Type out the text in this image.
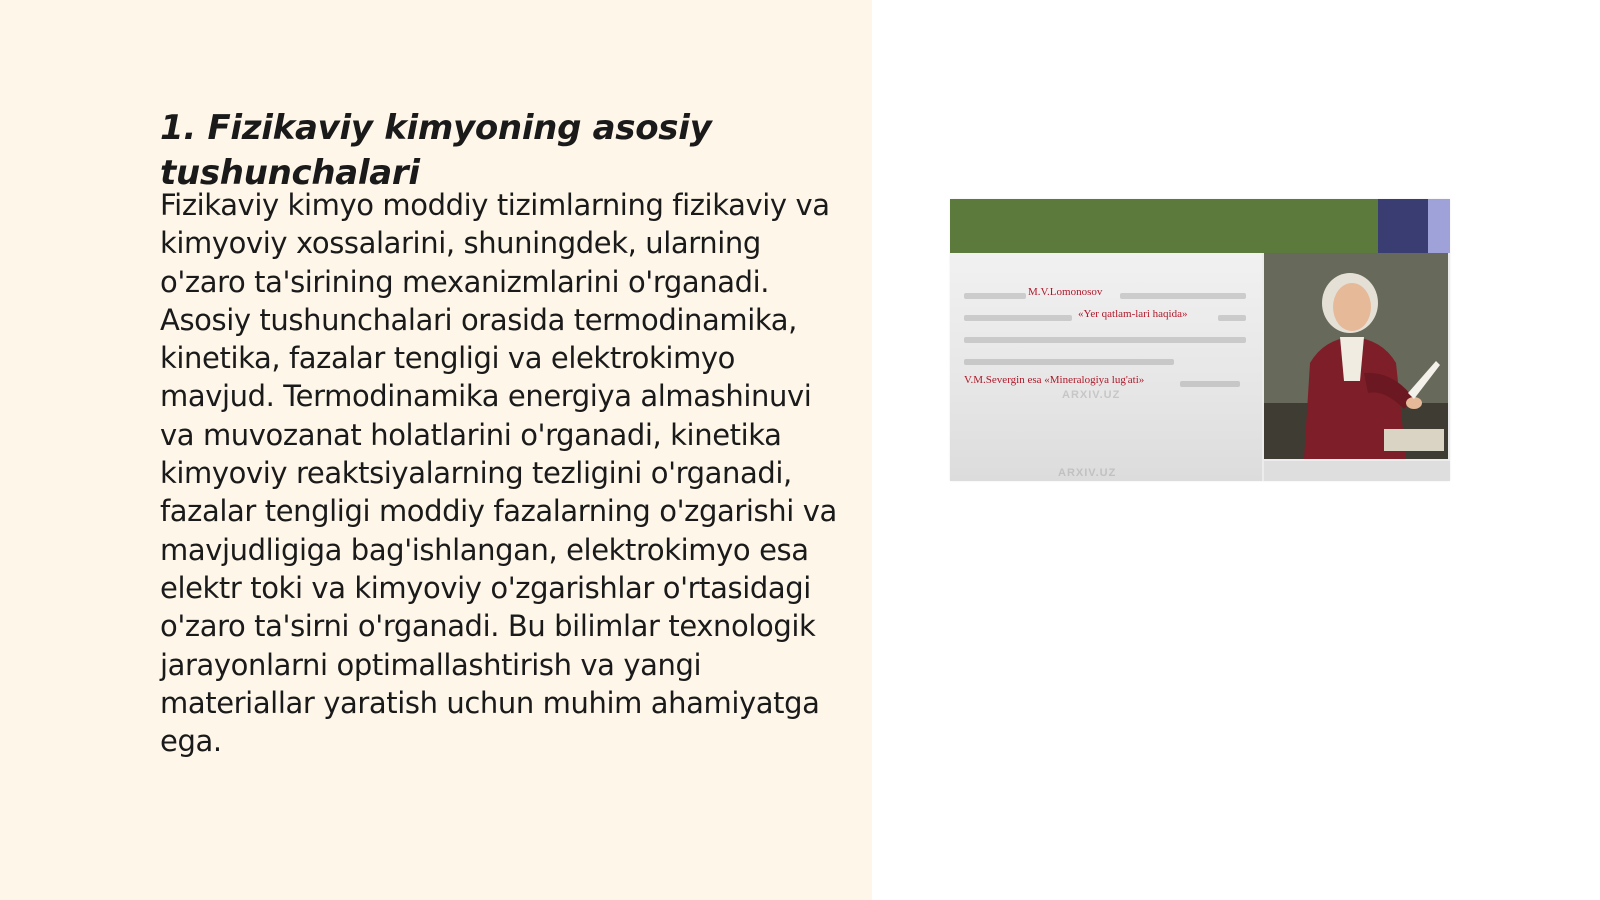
1. Fizikaviy kimyoning asosiy tushunchalari

Fizikaviy kimyo moddiy tizimlarning fizikaviy va kimyoviy xossalarini, shuningdek, ularning o'zaro ta'sirining mexanizmlarini o'rganadi. Asosiy tushunchalari orasida termodinamika, kinetika, fazalar tengligi va elektrokimyo mavjud. Termodinamika energiya almashinuvi va muvozanat holatlarini o'rganadi, kinetika kimyoviy reaktsiyalarning tezligini o'rganadi, fazalar tengligi moddiy fazalarning o'zgarishi va mavjudligiga bag'ishlangan, elektrokimyo esa elektr toki va kimyoviy o'zgarishlar o'rtasidagi o'zaro ta'sirni o'rganadi. Bu bilimlar texnologik jarayonlarni optimallashtirish va yangi materiallar yaratish uchun muhim ahamiyatga ega.

M.V.Lomonosov
«Yer qatlam-lari haqida»
V.M.Severgin esa «Mineralogiya lug'ati»
ARXIV.UZ
ARXIV.UZ
